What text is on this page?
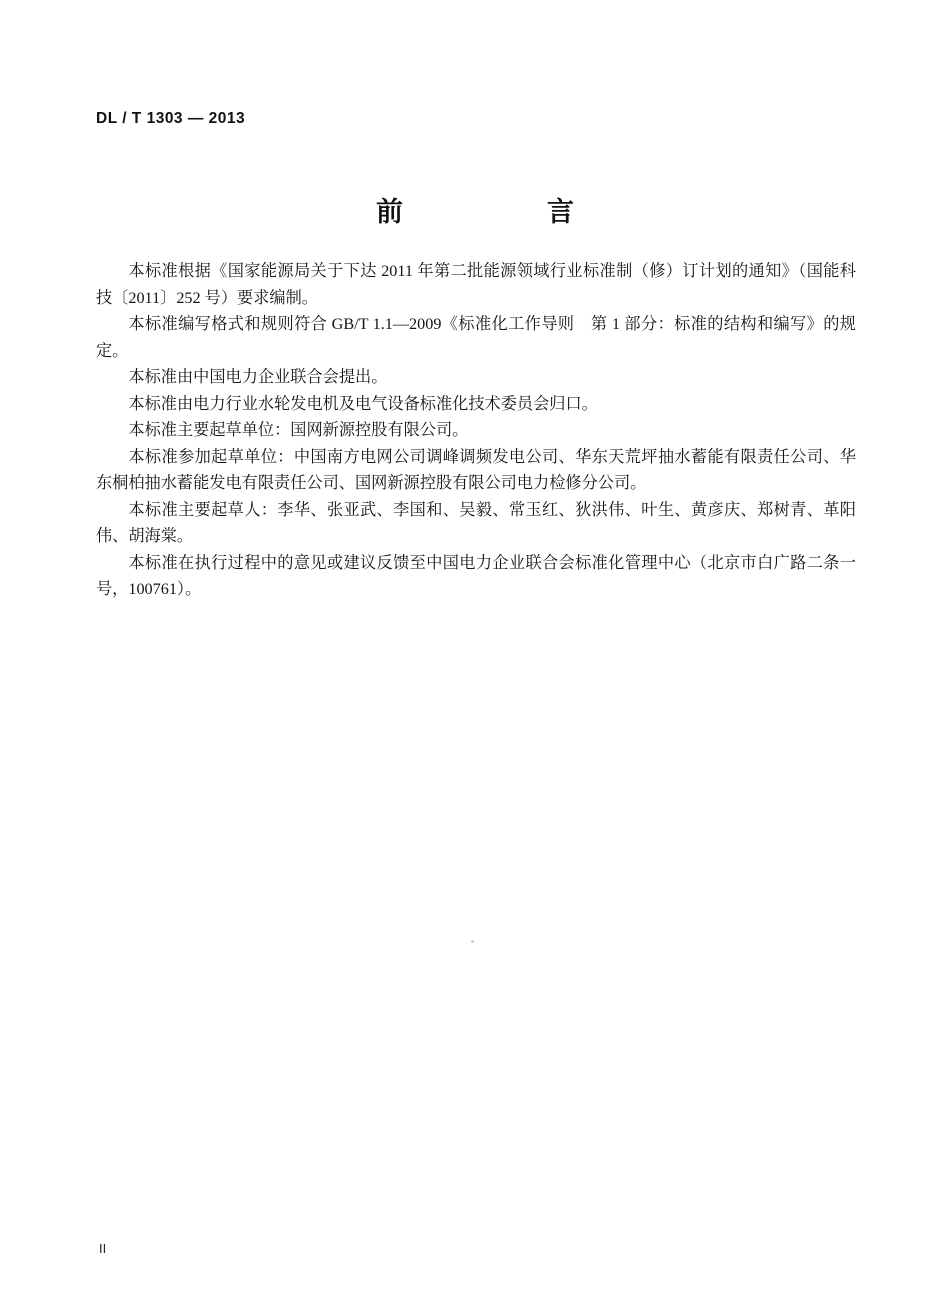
DL / T 1303 — 2013
前　　言

本标准根据《国家能源局关于下达 2011 年第二批能源领域行业标准制（修）订计划的通知》（国能科技〔2011〕252 号）要求编制。

本标准编写格式和规则符合 GB/T 1.1—2009《标准化工作导则　第 1 部分：标准的结构和编写》的规定。

本标准由中国电力企业联合会提出。

本标准由电力行业水轮发电机及电气设备标准化技术委员会归口。

本标准主要起草单位：国网新源控股有限公司。

本标准参加起草单位：中国南方电网公司调峰调频发电公司、华东天荒坪抽水蓄能有限责任公司、华东桐柏抽水蓄能发电有限责任公司、国网新源控股有限公司电力检修分公司。

本标准主要起草人：李华、张亚武、李国和、吴毅、常玉红、狄洪伟、叶生、黄彦庆、郑树青、革阳伟、胡海棠。

本标准在执行过程中的意见或建议反馈至中国电力企业联合会标准化管理中心（北京市白广路二条一号，100761）。

II
